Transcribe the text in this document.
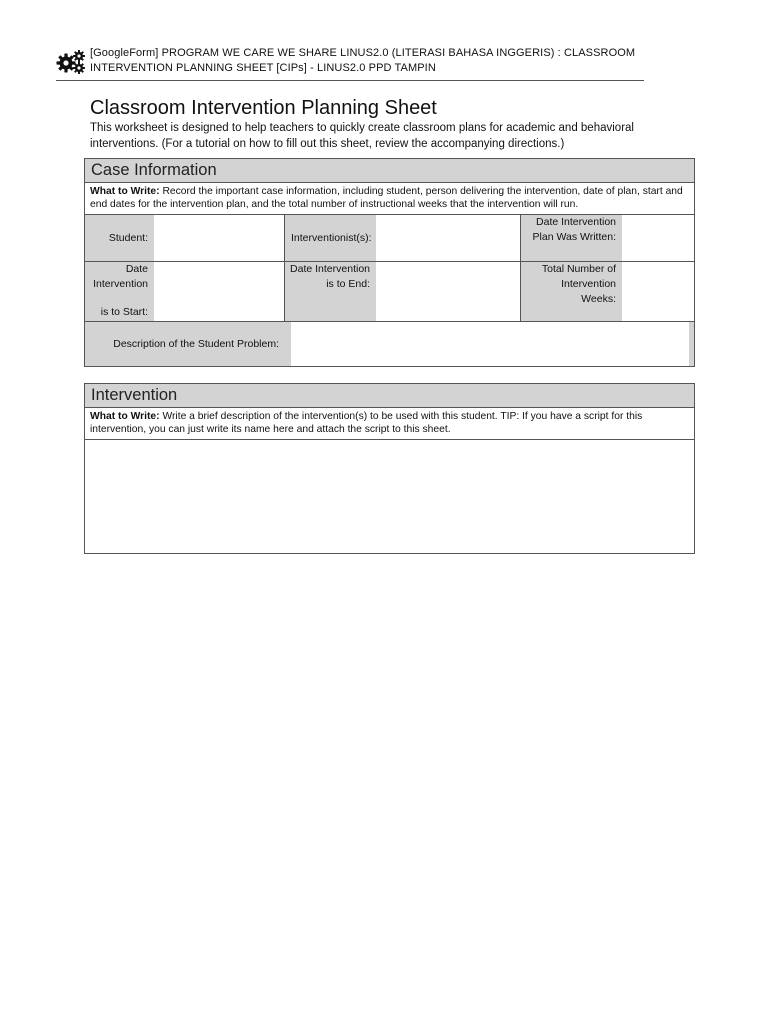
[GoogleForm] PROGRAM WE CARE WE SHARE LINUS2.0 (LITERASI BAHASA INGGERIS) : CLASSROOM INTERVENTION PLANNING SHEET [CIPs] - LINUS2.0 PPD TAMPIN
Classroom Intervention Planning Sheet
This worksheet is designed to help teachers to quickly create classroom plans for academic and behavioral interventions. (For a tutorial on how to fill out this sheet, review the accompanying directions.)
Case Information
What to Write: Record the important case information, including student, person delivering the intervention, date of plan, start and end dates for the intervention plan, and the total number of instructional weeks that the intervention will run.
Student:	Interventionist(s):
Date Intervention
Plan Was Written:
Date
Intervention
is to Start:
Date Intervention
is to End:
Total Number of
Intervention
Weeks:
Description of the Student Problem:
Intervention
What to Write: Write a brief description of the intervention(s) to be used with this student. TIP: If you have a script for this intervention, you can just write its name here and attach the script to this sheet.
